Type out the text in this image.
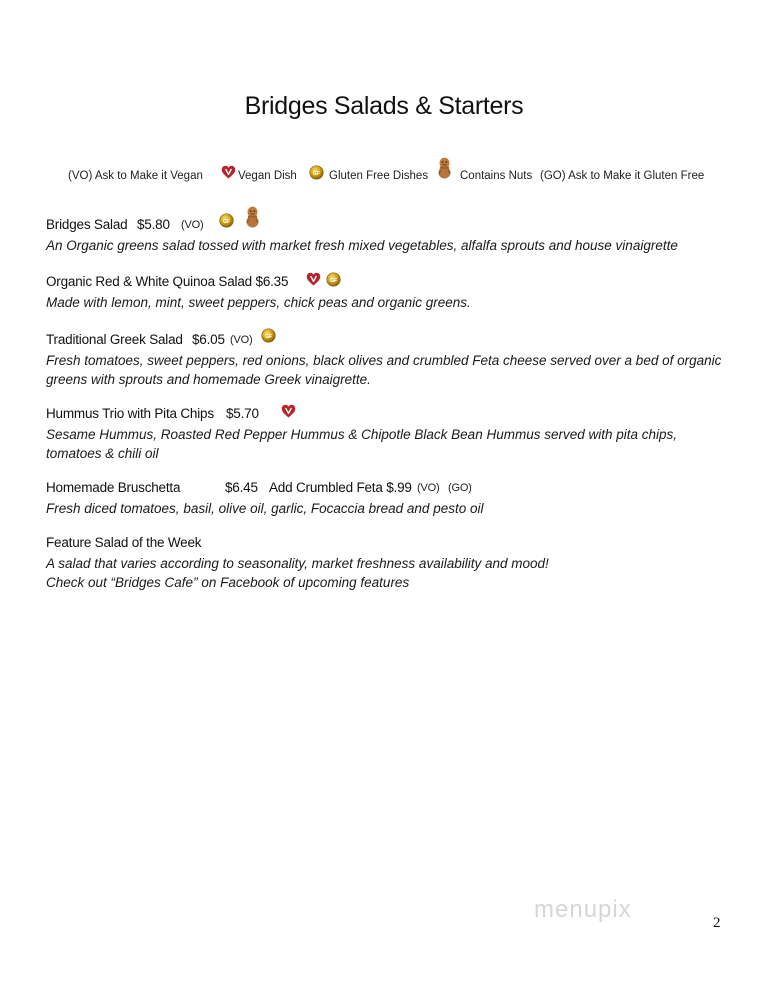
Bridges Salads & Starters
(VO) Ask to Make it Vegan	Vegan Dish	Gluten Free Dishes	Contains Nuts (GO) Ask to Make it Gluten Free
Bridges Salad $5.80 (VO)
An Organic greens salad tossed with market fresh mixed vegetables, alfalfa sprouts and house vinaigrette
Organic Red & White Quinoa Salad $6.35
Made with lemon, mint, sweet peppers, chick peas and organic greens.
Traditional Greek Salad $6.05 (VO)
Fresh tomatoes, sweet peppers, red onions, black olives and crumbled Feta cheese served over a bed of organic greens with sprouts and homemade Greek vinaigrette.
Hummus Trio with Pita Chips $5.70
Sesame Hummus, Roasted Red Pepper Hummus & Chipotle Black Bean Hummus served with pita chips, tomatoes & chili oil
Homemade Bruschetta	$6.45 Add Crumbled Feta $.99 (VO) (GO)
Fresh diced tomatoes, basil, olive oil, garlic, Focaccia bread and pesto oil
Feature Salad of the Week
A salad that varies according to seasonality, market freshness availability and mood!
Check out “Bridges Cafe” on Facebook of upcoming features
menupix	2
